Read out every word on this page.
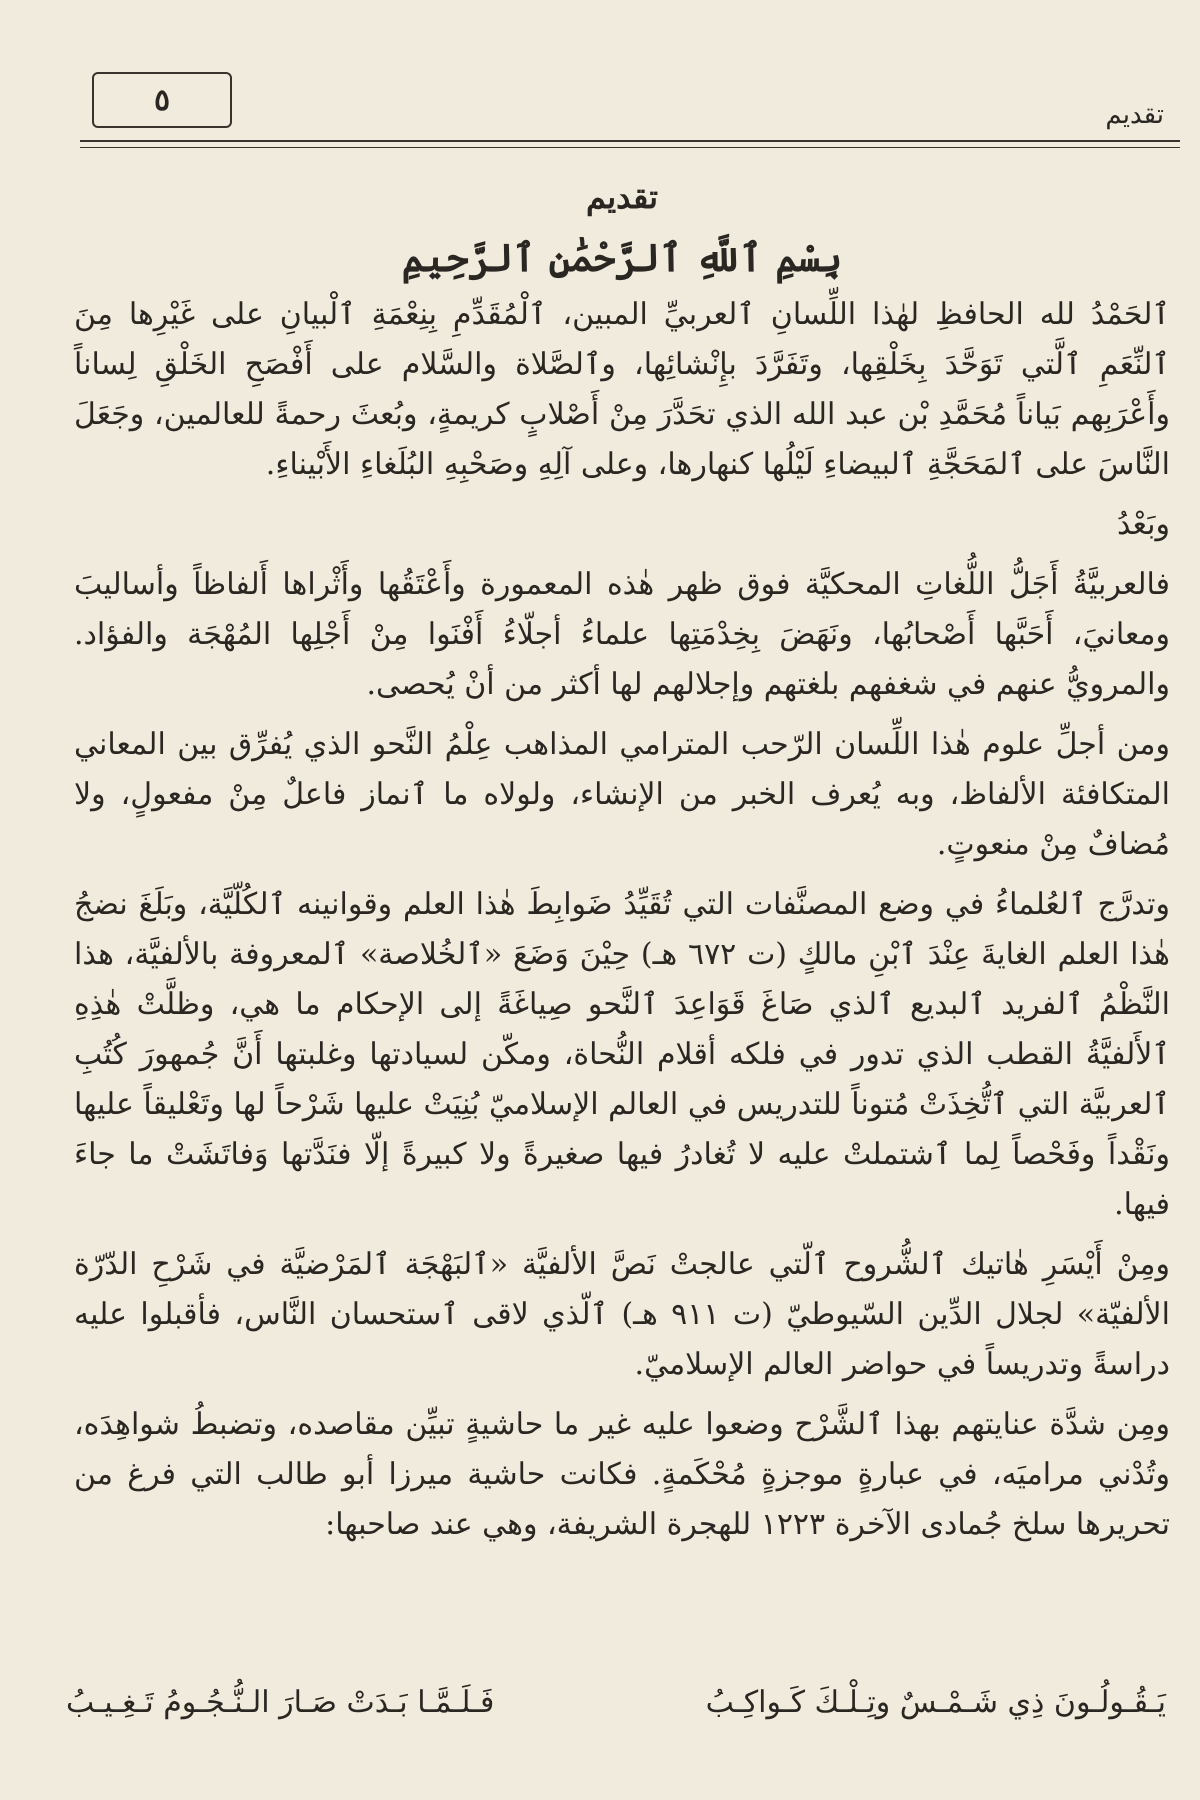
٥	تقديم
تقديم
بِسْمِ ٱللَّهِ ٱلرَّحْمَٰنِ ٱلرَّحِيمِ

ٱلحَمْدُ لله الحافظِ لهٰذا اللِّسانِ ٱلعربيِّ المبين، ٱلْمُقَدِّمِ بِنِعْمَةِ ٱلْبيانِ على غَيْرِها مِنَ ٱلنِّعَمِ ٱلَّتي تَوَحَّدَ بِخَلْقِها، وتَفَرَّدَ بإِنْشائِها، وٱلصَّلاة والسَّلام على أَفْصَحِ الخَلْقِ لِساناً وأَعْرَبِهم بَياناً مُحَمَّدِ بْن عبد الله الذي تحَدَّرَ مِنْ أَصْلابٍ كريمةٍ، وبُعثَ رحمةً للعالمين، وجَعَلَ النَّاسَ على ٱلمَحَجَّةِ ٱلبيضاءِ لَيْلُها كنهارها، وعلى آلِهِ وصَحْبِهِ البُلَغاءِ الأَبْيناءِ.

وبَعْدُ

فالعربيَّةُ أَجَلُّ اللُّغاتِ المحكيَّة فوق ظهر هٰذه المعمورة وأَعْتَقُها وأَثْراها أَلفاظاً وأساليبَ ومعانيَ، أَحَبَّها أَصْحابُها، ونَهَضَ بِخِدْمَتِها علماءُ أجلّاءُ أَفْنَوا مِنْ أَجْلِها المُهْجَة والفؤاد. والمرويُّ عنهم في شغفهم بلغتهم وإجلالهم لها أكثر من أنْ يُحصى.

ومن أجلِّ علوم هٰذا اللِّسان الرّحب المترامي المذاهب عِلْمُ النَّحو الذي يُفرِّق بين المعاني المتكافئة الألفاظ، وبه يُعرف الخبر من الإنشاء، ولولاه ما ٱنماز فاعلٌ مِنْ مفعولٍ، ولا مُضافٌ مِنْ منعوتٍ.

وتدرَّج ٱلعُلماءُ في وضع المصنَّفات التي تُقَيِّدُ ضَوابِطَ هٰذا العلم وقوانينه ٱلكُلّيَّة، وبَلَغَ نضجُ هٰذا العلم الغايةَ عِنْدَ ٱبْنِ مالكٍ (ت ٦٧٢ هـ) حِيْنَ وَضَعَ «ٱلخُلاصة» ٱلمعروفة بالألفيَّة، هذا النَّظْمُ ٱلفريد ٱلبديع ٱلذي صَاغَ قَوَاعِدَ ٱلنَّحو صِياغَةً إلى الإحكام ما هي، وظلَّتْ هٰذِهِ ٱلأَلفيَّةُ القطب الذي تدور في فلكه أقلام النُّحاة، ومكّن لسيادتها وغلبتها أَنَّ جُمهورَ كُتُبِ ٱلعربيَّة التي ٱتُّخِذَتْ مُتوناً للتدريس في العالم الإسلاميّ بُنِيَتْ عليها شَرْحاً لها وتَعْليقاً عليها ونَقْداً وفَحْصاً لِما ٱشتملتْ عليه لا تُغادرُ فيها صغيرةً ولا كبيرةً إلّا فنَدَّتها وَفاتَشَتْ ما جاءَ فيها.

ومِنْ أَيْسَرِ هٰاتيك ٱلشُّروح ٱلّتي عالجتْ نَصَّ الألفيَّة «ٱلبَهْجَة ٱلمَرْضيَّة في شَرْحِ الدّرّة الألفيّة» لجلال الدِّين السّيوطيّ (ت ٩١١ هـ) ٱلّذي لاقى ٱستحسان النَّاس، فأقبلوا عليه دراسةً وتدريساً في حواضر العالم الإسلاميّ.

ومِن شدَّة عنايتهم بهذا ٱلشَّرْح وضعوا عليه غير ما حاشيةٍ تبيِّن مقاصده، وتضبطُ شواهِدَه، وتُدْني مراميَه، في عبارةٍ موجزةٍ مُحْكَمةٍ. فكانت حاشية ميرزا أبو طالب التي فرغ من تحريرها سلخ جُمادى الآخرة ١٢٢٣ للهجرة الشريفة، وهي عند صاحبها:

يَـقُـولُـونَ ذِي شَـمْـسٌ وتِـلْـكَ كَـواكِـبُ
فَـلَـمَّـا بَـدَتْ صَـارَ الـنُّـجُـومُ تَـغِـيـبُ
